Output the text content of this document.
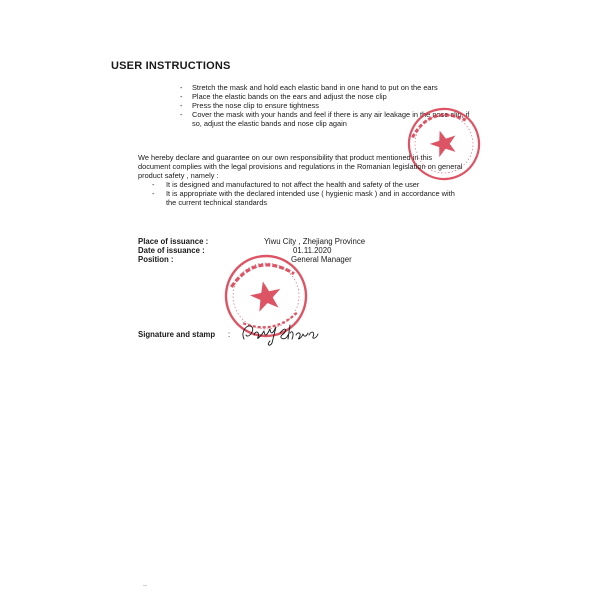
USER INSTRUCTIONS
-	Stretch the mask and hold each elastic band in one hand to put on the ears
-	Place the elastic bands on the ears and adjust the nose clip
-	Press the nose clip to ensure tightness
-	Cover the mask with your hands and feel if there is any air leakage in the nose clip, if so, adjust the elastic bands and nose clip again
We hereby declare and guarantee on our own responsibility that product mentioned in this document complies with the legal provisions and regulations in the Romanian legislation on general product safety , namely :
-	It is designed and manufactured to not affect the health and safety of the user
-	It is appropriate with the declared intended use ( hygienic mask ) and in accordance with the current technical standards
Place of issuance :	Yiwu City , Zhejiang Province
Date of issuance :	01.11.2020
Position :	General Manager
Signature and stamp :
